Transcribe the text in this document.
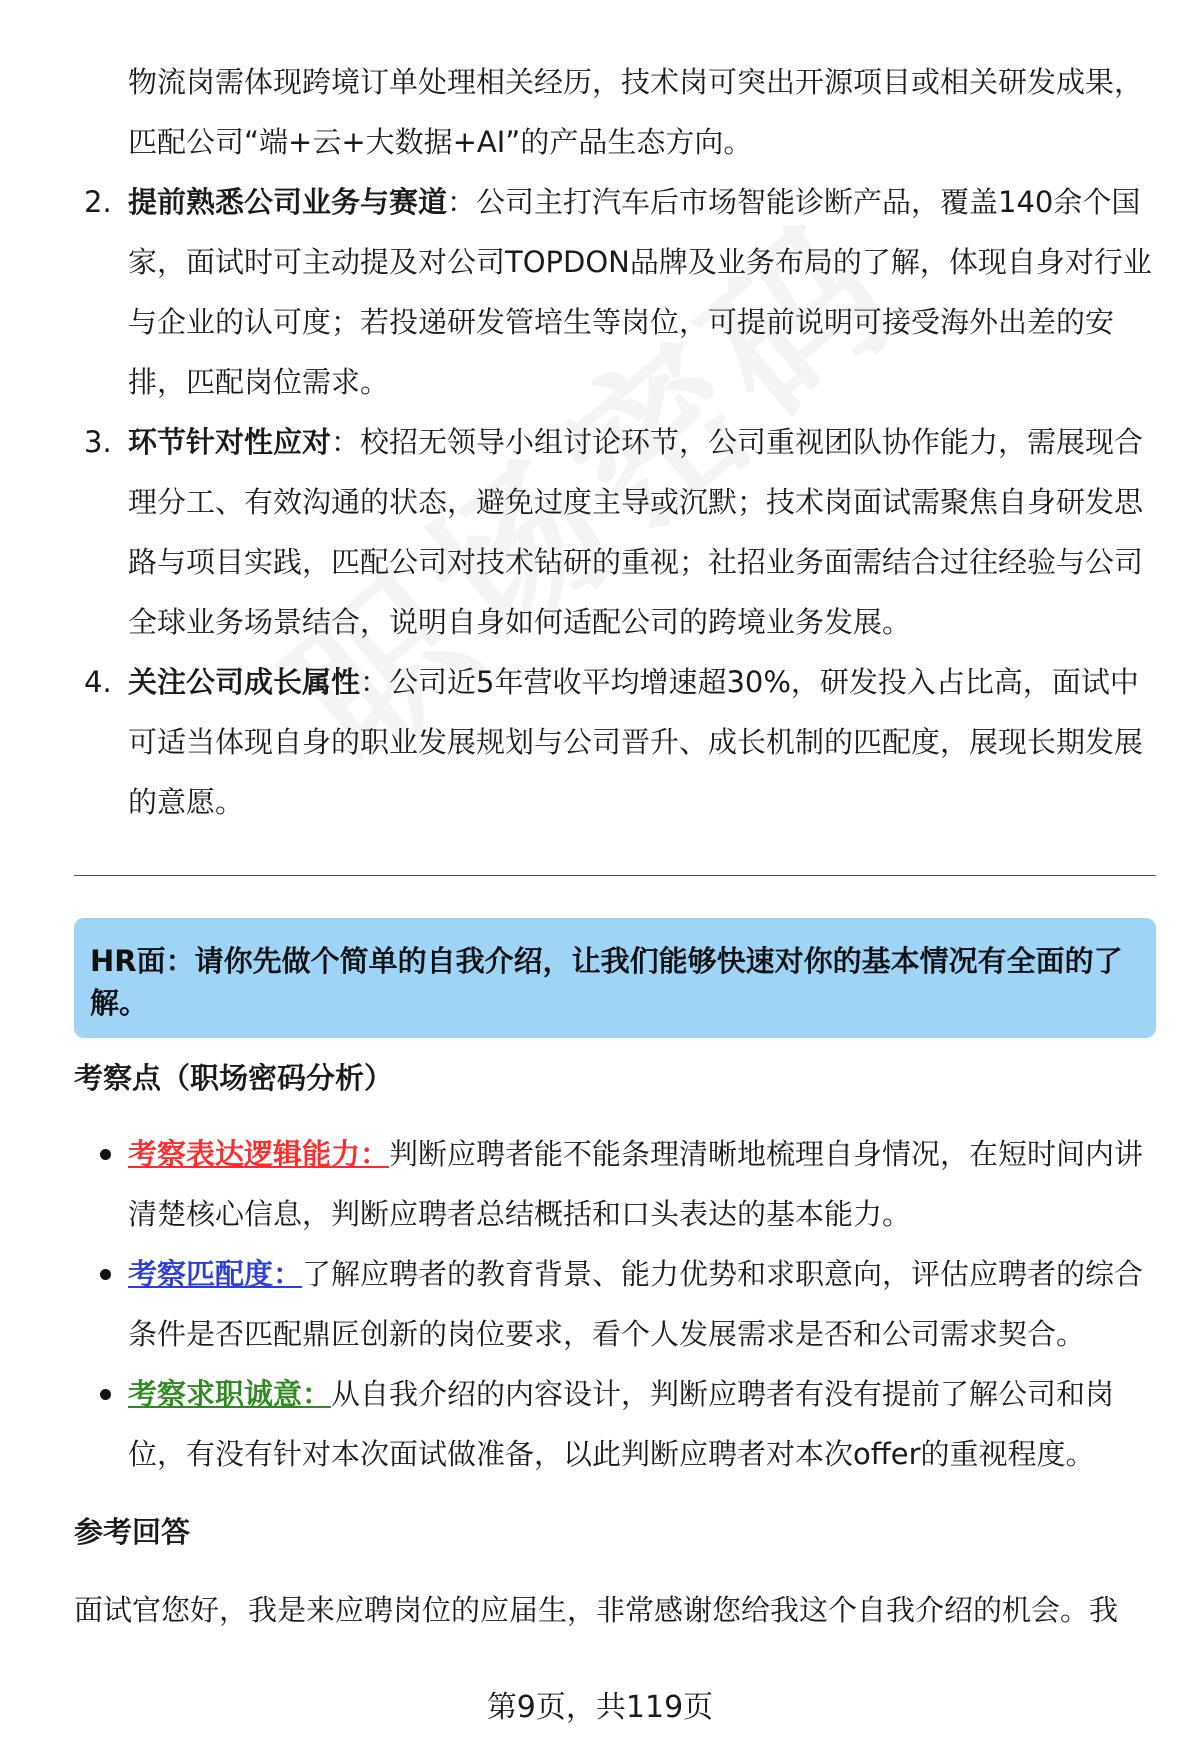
物流岗需体现跨境订单处理相关经历，技术岗可突出开源项目或相关研发成果，匹配公司“端+云+大数据+AI”的产品生态方向。
2. 提前熟悉公司业务与赛道：公司主打汽车后市场智能诊断产品，覆盖140余个国家，面试时可主动提及对公司TOPDON品牌及业务布局的了解，体现自身对行业与企业的认可度；若投递研发管培生等岗位，可提前说明可接受海外出差的安排，匹配岗位需求。
3. 环节针对性应对：校招无领导小组讨论环节，公司重视团队协作能力，需展现合理分工、有效沟通的状态，避免过度主导或沉默；技术岗面试需聚焦自身研发思路与项目实践，匹配公司对技术钻研的重视；社招业务面需结合过往经验与公司全球业务场景结合，说明自身如何适配公司的跨境业务发展。
4. 关注公司成长属性：公司近5年营收平均增速超30%，研发投入占比高，面试中可适当体现自身的职业发展规划与公司晋升、成长机制的匹配度，展现长期发展的意愿。
HR面：请你先做个简单的自我介绍，让我们能够快速对你的基本情况有全面的了解。
考察点（职场密码分析）
考察表达逻辑能力：判断应聘者能不能条理清晰地梳理自身情况，在短时间内讲清楚核心信息，判断应聘者总结概括和口头表达的基本能力。
考察匹配度：了解应聘者的教育背景、能力优势和求职意向，评估应聘者的综合条件是否匹配鼎匠创新的岗位要求，看个人发展需求是否和公司需求契合。
考察求职诚意：从自我介绍的内容设计，判断应聘者有没有提前了解公司和岗位，有没有针对本次面试做准备，以此判断应聘者对本次offer的重视程度。
参考回答
面试官您好，我是来应聘岗位的应届生，非常感谢您给我这个自我介绍的机会。我
第9页，共119页
